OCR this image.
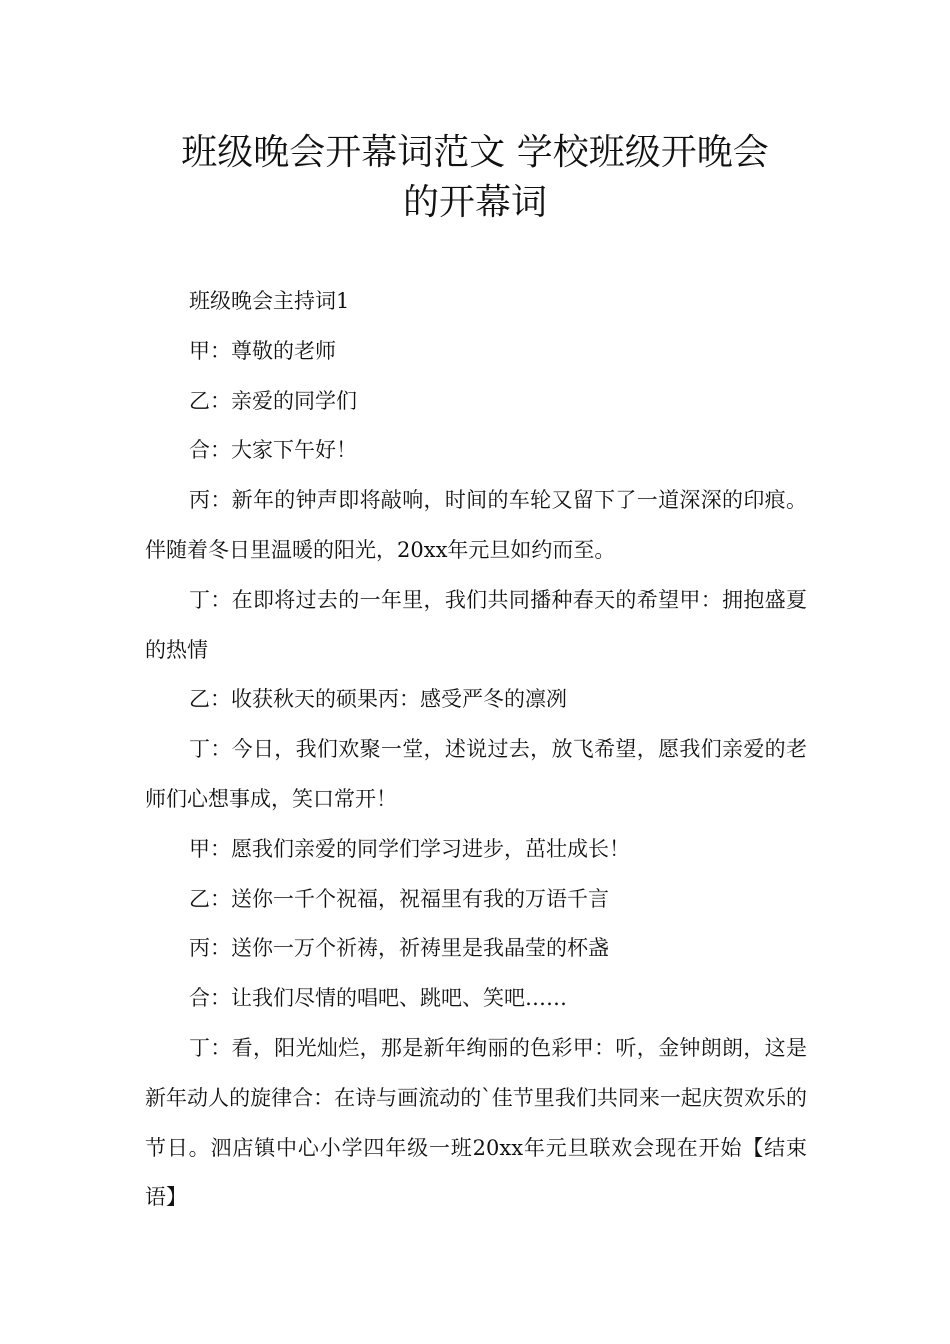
班级晚会开幕词范文 学校班级开晚会
的开幕词

班级晚会主持词1

甲：尊敬的老师

乙：亲爱的同学们

合：大家下午好！

丙：新年的钟声即将敲响，时间的车轮又留下了一道深深的印痕。伴随着冬日里温暖的阳光，20xx年元旦如约而至。

丁：在即将过去的一年里，我们共同播种春天的希望甲：拥抱盛夏的热情

乙：收获秋天的硕果丙：感受严冬的凛冽

丁：今日，我们欢聚一堂，述说过去，放飞希望，愿我们亲爱的老师们心想事成，笑口常开！

甲：愿我们亲爱的同学们学习进步，茁壮成长！

乙：送你一千个祝福，祝福里有我的万语千言

丙：送你一万个祈祷，祈祷里是我晶莹的杯盏

合：让我们尽情的唱吧、跳吧、笑吧……

丁：看，阳光灿烂，那是新年绚丽的色彩甲：听，金钟朗朗，这是新年动人的旋律合：在诗与画流动的`佳节里我们共同来一起庆贺欢乐的节日。泗店镇中心小学四年级一班20xx年元旦联欢会现在开始【结束语】
